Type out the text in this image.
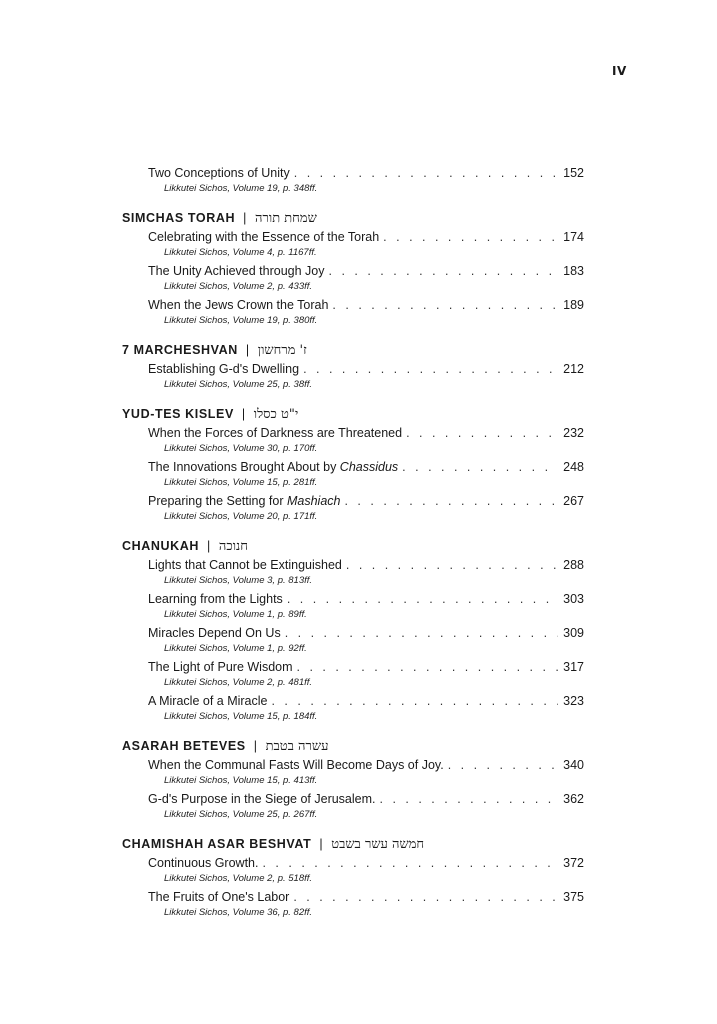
IV
Two Conceptions of Unity . . .	152
Likkutei Sichos, Volume 19, p. 348ff.
SIMCHAS TORAH | שמחת תורה
Celebrating with the Essence of the Torah . . .	174
Likkutei Sichos, Volume 4, p. 1167ff.
The Unity Achieved through Joy . . .	183
Likkutei Sichos, Volume 2, p. 433ff.
When the Jews Crown the Torah . . .	189
Likkutei Sichos, Volume 19, p. 380ff.
7 MARCHESHVAN | ז' מרחשון
Establishing G-d's Dwelling . . .	212
Likkutei Sichos, Volume 25, p. 38ff.
YUD-TES KISLEV | י"ט כסלו
When the Forces of Darkness are Threatened . . .	232
Likkutei Sichos, Volume 30, p. 170ff.
The Innovations Brought About by Chassidus . . .	248
Likkutei Sichos, Volume 15, p. 281ff.
Preparing the Setting for Mashiach . . .	267
Likkutei Sichos, Volume 20, p. 171ff.
CHANUKAH | חנוכה
Lights that Cannot be Extinguished . . .	288
Likkutei Sichos, Volume 3, p. 813ff.
Learning from the Lights . . .	303
Likkutei Sichos, Volume 1, p. 89ff.
Miracles Depend On Us . . .	309
Likkutei Sichos, Volume 1, p. 92ff.
The Light of Pure Wisdom . . .	317
Likkutei Sichos, Volume 2, p. 481ff.
A Miracle of a Miracle . . .	323
Likkutei Sichos, Volume 15, p. 184ff.
ASARAH BETEVES | עשרה בטבת
When the Communal Fasts Will Become Days of Joy. . . .	340
Likkutei Sichos, Volume 15, p. 413ff.
G-d's Purpose in the Siege of Jerusalem. . . .	362
Likkutei Sichos, Volume 25, p. 267ff.
CHAMISHAH ASAR BESHVAT | חמשה עשר בשבט
Continuous Growth. . . .	372
Likkutei Sichos, Volume 2, p. 518ff.
The Fruits of One's Labor . . .	375
Likkutei Sichos, Volume 36, p. 82ff.
